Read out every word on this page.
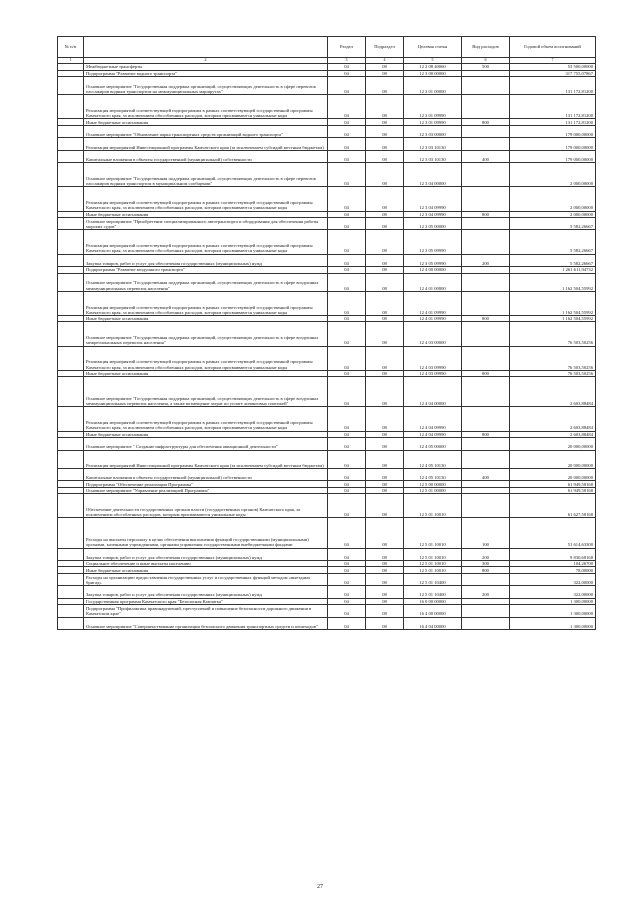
№ п/п		Раздел	Подраздел	Целевая статья	Вид расходов	Годовой объем ассигнований
1	2	3	4	5	6	7
	Межбюджетные трансферты	04	08	12 2 08 40060	500	53 500,00000
	Подпрограмма "Развитие водного транспорта"	04	08	12 3 00 00000		317 755,07867
	Основное мероприятие "Государственная поддержка организаций, осуществляющих деятельность в сфере перевозок пассажиров водным транспортом на межмуниципальных маршрутах"	04	08	12 3 01 00000		131 172,81200
	Реализация мероприятий соответствующей подпрограммы в рамках соответствующей государственной программы Камчатского края, за исключением обособленных расходов, которым присваиваются уникальные коды	04	08	12 3 01 09990		131 172,81200
	Иные бюджетные ассигнования	04	08	12 3 01 09990	800	131 172,81200
	Основное мероприятие "Обновление парка транспортных средств организаций водного транспорта"	04	08	12 3 03 00000		179 000,00000
	Реализация мероприятий Инвестиционной программы Камчатского края (за исключением субсидий местным бюджетам)	04	08	12 3 03 10130		179 000,00000
	Капитальные вложения в объекты государственной (муниципальной) собственности	04	08	12 3 03 10130	400	179 000,00000
	Основное мероприятие "Государственная поддержка организаций, осуществляющих деятельность в сфере перевозок пассажиров водным транспортом в муниципальном сообщении"	04	08	12 3 04 00000		2 000,00000
	Реализация мероприятий соответствующей подпрограммы в рамках соответствующей государственной программы Камчатского края, за исключением обособленных расходов, которым присваиваются уникальные коды	04	08	12 3 04 09990		2 000,00000
	Иные бюджетные ассигнования	04	08	12 3 04 09990	800	2 000,00000
	Основное мероприятие "Приобретение специализированного автотранспорта и оборудования для обеспечения работы морских судов"	04	08	12 3 05 00000		5 582,26667
	Реализация мероприятий соответствующей подпрограммы в рамках соответствующей государственной программы Камчатского края, за исключением обособленных расходов, которым присваиваются уникальные коды	04	08	12 3 05 09990		5 582,26667
	Закупка товаров, работ и услуг для обеспечения государственных (муниципальных) нужд	04	08	12 3 05 09990	200	5 582,26667
	Подпрограмма "Развитие воздушного транспорта"	04	08	12 4 00 00000		1 261 611,94732
	Основное мероприятие "Государственная поддержка организаций, осуществляющих деятельность в сфере воздушных межмуниципальных перевозок населения"	04	08	12 4 01 00000		1 162 504,55992
	Реализация мероприятий соответствующей подпрограммы в рамках соответствующей государственной программы Камчатского края, за исключением обособленных расходов, которым присваиваются уникальные коды	04	08	12 4 01 09990		1 162 504,55992
	Иные бюджетные ассигнования	04	08	12 4 01 09990	800	1 162 504,55992
	Основное мероприятие "Государственная поддержка организаций, осуществляющих деятельность в сфере воздушных межрегиональных перевозок населения"	04	08	12 4 03 00000		76 503,50256
	Реализация мероприятий соответствующей подпрограммы в рамках соответствующей государственной программы Камчатского края, за исключением обособленных расходов, которым присваиваются уникальные коды	04	08	12 4 03 09990		76 503,50256
	Иные бюджетные ассигнования	04	08	12 4 03 09990	800	76 503,50256
	Основное мероприятие "Государственная поддержка организаций, осуществляющих деятельность в сфере воздушных межмуниципальных перевозок населения, а также возмещение затрат по уплате лизинговых платежей"	04	08	12 4 04 00000		2 603,88484
	Реализация мероприятий соответствующей подпрограммы в рамках соответствующей государственной программы Камчатского края, за исключением обособленных расходов, которым присваиваются уникальные коды	04	08	12 4 04 09990		2 603,88484
	Иные бюджетные ассигнования	04	08	12 4 04 09990	800	2 603,88484
	Основное мероприятие " Создание инфраструктуры для обеспечения авиационной деятельности"	04	08	12 4 05 00000		20 000,00000
	Реализация мероприятий Инвестиционной программы Камчатского края (за исключением субсидий местным бюджетам)	04	08	12 4 05 10130		20 000,00000
	Капитальные вложения в объекты государственной (муниципальной) собственности	04	08	12 4 05 10130	400	20 000,00000
	Подпрограмма "Обеспечение реализации Программы"	04	08	12 5 00 00000		61 949,58168
	Основное мероприятие "Управление реализацией Программы"	04	08	12 5 01 00000		61 949,58168
	Обеспечение деятельности государственных органов власти (государственных органов) Камчатского края, за исключением обособленных расходов, которым присваиваются уникальные коды	04	08	12 5 01 10010		61 627,58168
	Расходы на выплаты персоналу в целях обеспечения выполнения функций государственными (муниципальными) органами, казенными учреждениями, органами управления государственными внебюджетными фондами	04	08	12 5 01 10010	100	51 614,63300
	Закупка товаров, работ и услуг для обеспечения государственных (муниципальных) нужд	04	08	12 5 01 10010	200	9 830,68168
	Социальное обеспечение и иные выплаты населению	04	08	12 5 01 10010	300	104,26700
	Иные бюджетные ассигнования	04	08	12 5 01 10010	800	78,00000
	Расходы на организацию предоставления государственных услуг и государственных функций методом «выездных бригад»	04	08	12 5 01 10400		322,00000
	Закупка товаров, работ и услуг для обеспечения государственных (муниципальных) нужд	04	08	12 5 01 10400	200	322,00000
	Государственная программа Камчатского края "Безопасная Камчатка"	04	08	16 0 00 00000		1 300,00000
	Подпрограмма "Профилактика правонарушений, преступлений и повышение безопасности дорожного движения в Камчатском крае"	04	08	16 4 00 00000		1 300,00000
	Основное мероприятие "Совершенствование организации безопасного движения транспортных средств и пешеходов"	04	08	16 4 04 00000		1 300,00000
27
